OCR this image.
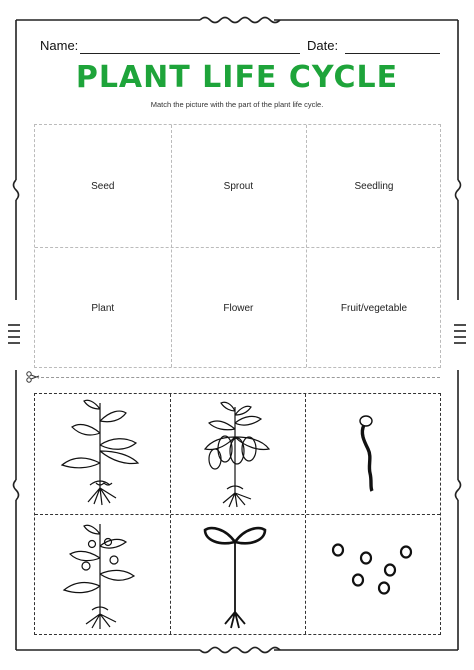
Name:	Date:
PLANT LIFE CYCLE
Match the picture with the part of the plant life cycle.
Seed	Sprout	Seedling
Plant	Flower	Fruit/vegetable
